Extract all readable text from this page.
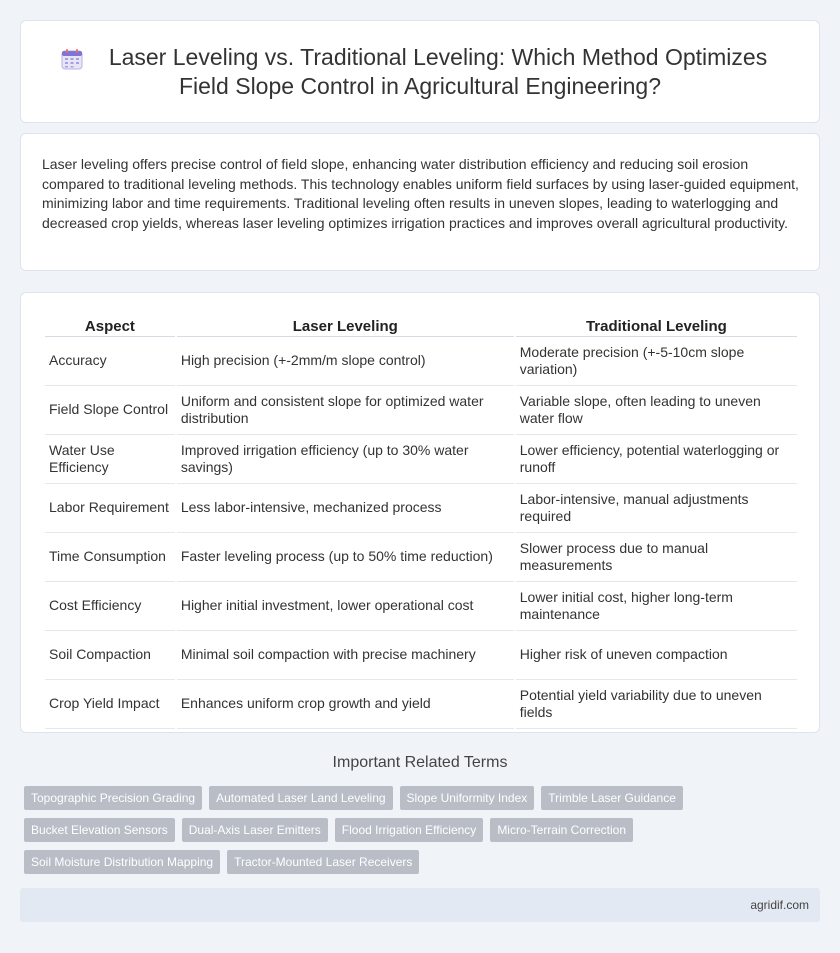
Laser Leveling vs. Traditional Leveling: Which Method Optimizes
Field Slope Control in Agricultural Engineering?

Laser leveling offers precise control of field slope, enhancing water distribution efficiency and reducing soil erosion compared to traditional leveling methods. This technology enables uniform field surfaces by using laser-guided equipment, minimizing labor and time requirements. Traditional leveling often results in uneven slopes, leading to waterlogging and decreased crop yields, whereas laser leveling optimizes irrigation practices and improves overall agricultural productivity.

Aspect	Laser Leveling	Traditional Leveling
Accuracy	High precision (+-2mm/m slope control)	Moderate precision (+-5-10cm slope variation)
Field Slope Control	Uniform and consistent slope for optimized water distribution	Variable slope, often leading to uneven water flow
Water Use Efficiency	Improved irrigation efficiency (up to 30% water savings)	Lower efficiency, potential waterlogging or runoff
Labor Requirement	Less labor-intensive, mechanized process	Labor-intensive, manual adjustments required
Time Consumption	Faster leveling process (up to 50% time reduction)	Slower process due to manual measurements
Cost Efficiency	Higher initial investment, lower operational cost	Lower initial cost, higher long-term maintenance
Soil Compaction	Minimal soil compaction with precise machinery	Higher risk of uneven compaction
Crop Yield Impact	Enhances uniform crop growth and yield	Potential yield variability due to uneven fields
Important Related Terms
Topographic Precision Grading	Automated Laser Land Leveling	Slope Uniformity Index	Trimble Laser Guidance
Bucket Elevation Sensors	Dual-Axis Laser Emitters	Flood Irrigation Efficiency	Micro-Terrain Correction
Soil Moisture Distribution Mapping	Tractor-Mounted Laser Receivers
agridif.com
